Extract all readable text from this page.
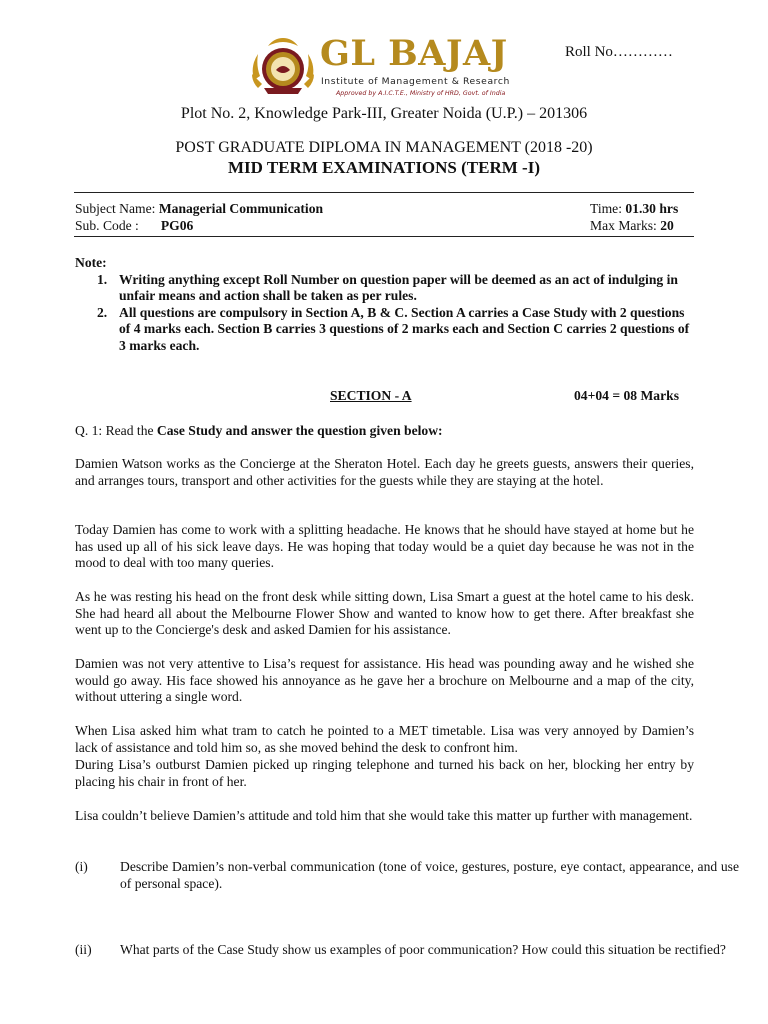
GL BAJAJ
Institute of Management & Research
Approved by A.I.C.T.E., Ministry of HRD, Govt. of India
Roll No…………
Plot No. 2, Knowledge Park-III, Greater Noida (U.P.) – 201306
POST GRADUATE DIPLOMA IN MANAGEMENT (2018 -20)
MID TERM EXAMINATIONS (TERM -I)
Subject Name: Managerial Communication	Time: 01.30 hrs
Sub. Code : PG06	Max Marks: 20
Note:
1. Writing anything except Roll Number on question paper will be deemed as an act of indulging in unfair means and action shall be taken as per rules.
2. All questions are compulsory in Section A, B & C. Section A carries a Case Study with 2 questions of 4 marks each. Section B carries 3 questions of 2 marks each and Section C carries 2 questions of 3 marks each.
SECTION - A	04+04 = 08 Marks
Q. 1: Read the Case Study and answer the question given below:

Damien Watson works as the Concierge at the Sheraton Hotel. Each day he greets guests, answers their queries, and arranges tours, transport and other activities for the guests while they are staying at the hotel.

Today Damien has come to work with a splitting headache. He knows that he should have stayed at home but he has used up all of his sick leave days. He was hoping that today would be a quiet day because he was not in the mood to deal with too many queries.

As he was resting his head on the front desk while sitting down, Lisa Smart a guest at the hotel came to his desk. She had heard all about the Melbourne Flower Show and wanted to know how to get there. After breakfast she went up to the Concierge's desk and asked Damien for his assistance.

Damien was not very attentive to Lisa’s request for assistance. His head was pounding away and he wished she would go away. His face showed his annoyance as he gave her a brochure on Melbourne and a map of the city, without uttering a single word.

When Lisa asked him what tram to catch he pointed to a MET timetable. Lisa was very annoyed by Damien’s lack of assistance and told him so, as she moved behind the desk to confront him.

During Lisa’s outburst Damien picked up ringing telephone and turned his back on her, blocking her entry by placing his chair in front of her.

Lisa couldn’t believe Damien’s attitude and told him that she would take this matter up further with management.

(i) Describe Damien’s non-verbal communication (tone of voice, gestures, posture, eye contact, appearance, and use of personal space).
(ii) What parts of the Case Study show us examples of poor communication? How could this situation be rectified?
